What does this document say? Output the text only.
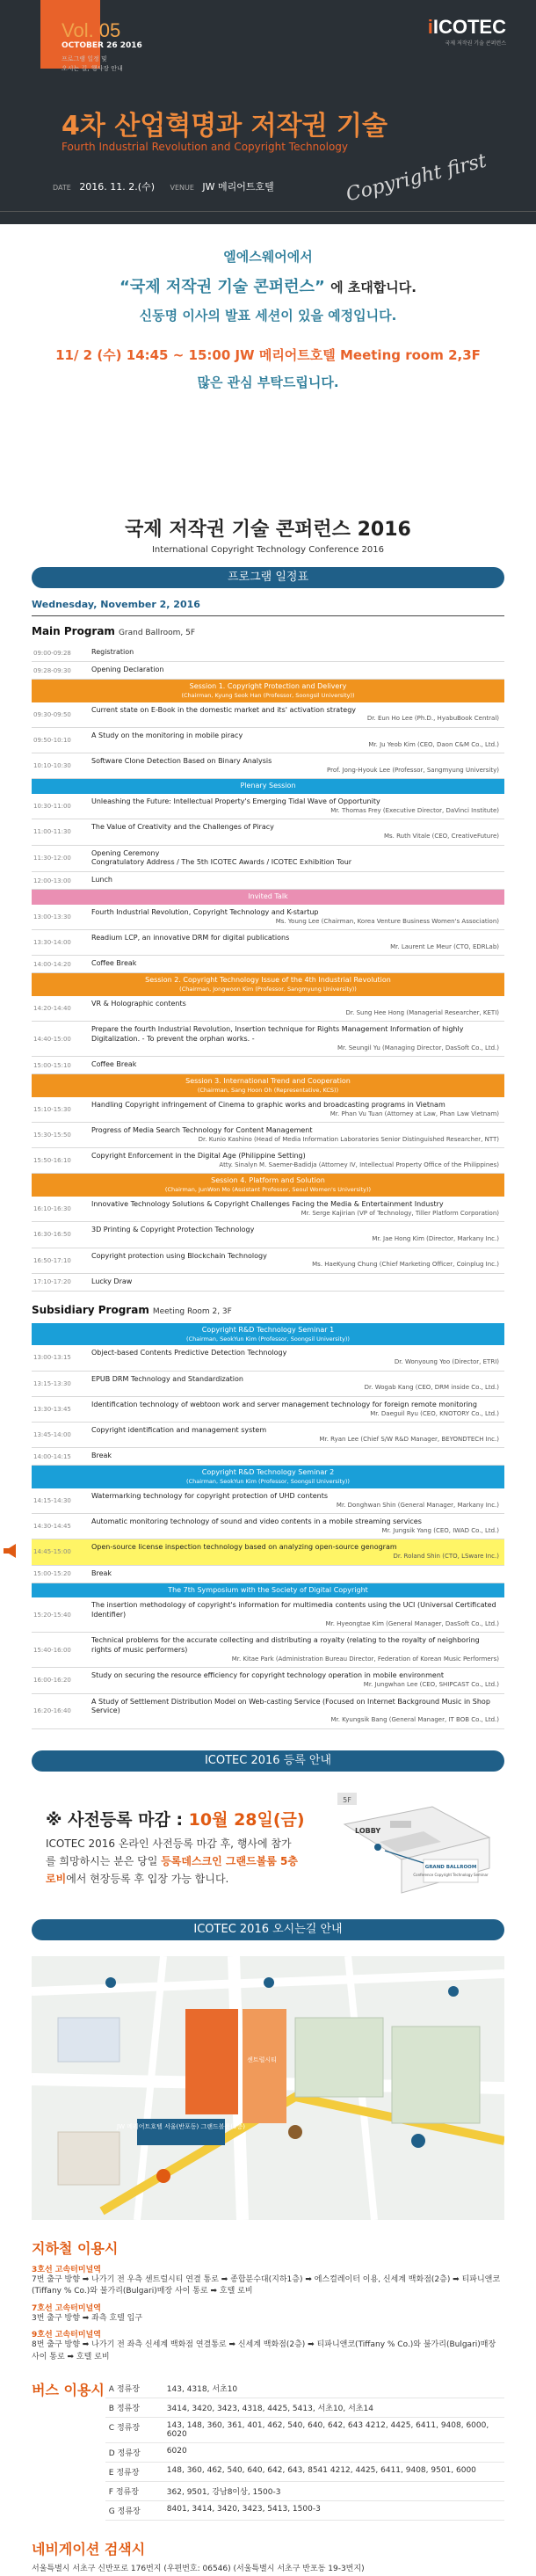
Vol. 05
OCTOBER 26 2016
프로그램 일정 및
오시는 길, 행사장 안내
iICOTEC
국제 저작권 기술 콘퍼런스
4차 산업혁명과 저작권 기술
Fourth Industrial Revolution and Copyright Technology
DATE 2016. 11. 2.(수) VENUE JW 메리어트호텔	Copyright first
엘에스웨어에서
“국제 저작권 기술 콘퍼런스” 에 초대합니다.
신동명 이사의 발표 세션이 있을 예정입니다.
11/ 2 (수) 14:45 ~ 15:00 JW 메리어트호텔 Meeting room 2,3F
많은 관심 부탁드립니다.
국제 저작권 기술 콘퍼런스 2016
International Copyright Technology Conference 2016
프로그램 일정표
Wednesday, November 2, 2016
Main Program Grand Ballroom, 5F
09:00-09:28	Registration
09:28-09:30	Opening Declaration
Session 1. Copyright Protection and Delivery
(Chairman, Kyung Seok Han (Professor, Soongsil University))
09:30-09:50
Current state on E-Book in the domestic market and its' activation strategy
Dr. Eun Ho Lee (Ph.D., HyabuBook Central)
09:50-10:10
A Study on the monitoring in mobile piracy
Mr. Ju Yeob Kim (CEO, Daon C&M Co., Ltd.)
10:10-10:30
Software Clone Detection Based on Binary Analysis
Prof. Jong-Hyouk Lee (Professor, Sangmyung University)
Plenary Session
10:30-11:00
Unleashing the Future: Intellectual Property's Emerging Tidal Wave of Opportunity
Mr. Thomas Frey (Executive Director, DaVinci Institute)
11:00-11:30
The Value of Creativity and the Challenges of Piracy
Ms. Ruth Vitale (CEO, CreativeFuture)
11:30-12:00
Opening Ceremony
Congratulatory Address / The 5th ICOTEC Awards / ICOTEC Exhibition Tour
12:00-13:00	Lunch
Invited Talk
13:00-13:30
Fourth Industrial Revolution, Copyright Technology and K-startup
Ms. Young Lee (Chairman, Korea Venture Business Women's Association)
13:30-14:00
Readium LCP, an innovative DRM for digital publications
Mr. Laurent Le Meur (CTO, EDRLab)
14:00-14:20	Coffee Break
Session 2. Copyright Technology Issue of the 4th Industrial Revolution
(Chairman, Jongwoon Kim (Professor, Sangmyung University))
14:20-14:40
VR & Holographic contents
Dr. Sung Hee Hong (Managerial Researcher, KETI)
14:40-15:00
Prepare the fourth Industrial Revolution, Insertion technique for Rights Management Information of highly Digitalization. - To prevent the orphan works. -
Mr. Seungil Yu (Managing Director, DasSoft Co., Ltd.)
15:00-15:10	Coffee Break
Session 3. International Trend and Cooperation
(Chairman, Sang Hoon Oh (Representative, KCS))
15:10-15:30
Handling Copyright infringement of Cinema to graphic works and broadcasting programs in Vietnam
Mr. Phan Vu Tuan (Attorney at Law, Phan Law Vietnam)
15:30-15:50
Progress of Media Search Technology for Content Management
Dr. Kunio Kashino (Head of Media Information Laboratories Senior Distinguished Researcher, NTT)
15:50-16:10
Copyright Enforcement in the Digital Age (Philippine Setting)
Atty. Sinalyn M. Saemer-Badidja (Attorney IV, Intellectual Property Office of the Philippines)
Session 4. Platform and Solution
(Chairman, JunWon Mo (Assistant Professor, Seoul Women's University))
16:10-16:30
Innovative Technology Solutions & Copyright Challenges Facing the Media & Entertainment Industry
Mr. Serge Kajirian (VP of Technology, Tiller Platform Corporation)
16:30-16:50
3D Printing & Copyright Protection Technology
Mr. Jae Hong Kim (Director, Markany Inc.)
16:50-17:10
Copyright protection using Blockchain Technology
Ms. HaeKyung Chung (Chief Marketing Officer, Coinplug Inc.)
17:10-17:20	Lucky Draw
Subsidiary Program Meeting Room 2, 3F
Copyright R&D Technology Seminar 1
(Chairman, SeokYun Kim (Professor, Soongsil University))
13:00-13:15
Object-based Contents Predictive Detection Technology
Dr. Wonyoung Yoo (Director, ETRI)
13:15-13:30
EPUB DRM Technology and Standardization
Dr. Wogab Kang (CEO, DRM inside Co., Ltd.)
13:30-13:45
Identification technology of webtoon work and server management technology for foreign remote monitoring
Mr. Daeguil Ryu (CEO, KNOTORY Co., Ltd.)
13:45-14:00
Copyright identification and management system
Mr. Ryan Lee (Chief S/W R&D Manager, BEYONDTECH Inc.)
14:00-14:15	Break
Copyright R&D Technology Seminar 2
(Chairman, SeokYun Kim (Professor, Soongsil University))
14:15-14:30
Watermarking technology for copyright protection of UHD contents
Mr. Donghwan Shin (General Manager, Markany Inc.)
14:30-14:45
Automatic monitoring technology of sound and video contents in a mobile streaming services
Mr. Jungsik Yang (CEO, IWAD Co., Ltd.)
14:45-15:00
Open-source license inspection technology based on analyzing open-source genogram
Dr. Roland Shin (CTO, LSware Inc.)
15:00-15:20	Break
The 7th Symposium with the Society of Digital Copyright
15:20-15:40
The insertion methodology of copyright's information for multimedia contents using the UCI (Universal Certificated Identifier)
Mr. Hyeongtae Kim (General Manager, DasSoft Co., Ltd.)
15:40-16:00
Technical problems for the accurate collecting and distributing a royalty (relating to the royalty of neighboring rights of music performers)
Mr. Kitae Park (Administration Bureau Director, Federation of Korean Music Performers)
16:00-16:20
Study on securing the resource efficiency for copyright technology operation in mobile environment
Mr. Jungwhan Lee (CEO, SHIPCAST Co., Ltd.)
16:20-16:40
A Study of Settlement Distribution Model on Web-casting Service (Focused on Internet Background Music in Shop Service)
Mr. Kyungsik Bang (General Manager, IT BOB Co., Ltd.)
ICOTEC 2016 등록 안내
※ 사전등록 마감 : 10월 28일(금)
ICOTEC 2016 온라인 사전등록 마감 후, 행사에 참가를 희망하시는 분은 당일 등록데스크인 그랜드볼룸 5층 로비에서 현장등록 후 입장 가능 합니다.
5F
LOBBY
GRAND BALLROOM
Conference Copyright Technology Seminar
ICOTEC 2016 오시는길 안내
JW 메리어트호텔 서울(반포동) 그랜드볼룸(5층)
센트럴시티
지하철 이용시
3호선 고속터미널역
7번 출구 방향 ➡ 나가기 전 우측 센트럴시티 연결 통로 ➡ 종합분수대(지하1층) ➡ 에스컬레이터 이용, 신세계 백화점(2층) ➡ 티파니앤코(Tiffany % Co.)와 불가리(Bulgari)매장 사이 통로 ➡ 호텔 로비
7호선 고속터미널역
3번 출구 방향 ➡ 좌측 호텔 입구
9호선 고속터미널역
8번 출구 방향 ➡ 나가기 전 좌측 신세계 백화점 연결통로 ➡ 신세계 백화점(2층) ➡ 티파니앤코(Tiffany % Co.)와 불가리(Bulgari)매장 사이 통로 ➡ 호텔 로비
버스 이용시 A 정류장	143, 4318, 서초10
B 정류장	3414, 3420, 3423, 4318, 4425, 5413, 서초10, 서초14
C 정류장	143, 148, 360, 361, 401, 462, 540, 640, 642, 643 4212, 4425, 6411, 9408, 6000, 6020
D 정류장	6020
E 정류장	148, 360, 462, 540, 640, 642, 643, 8541 4212, 4425, 6411, 9408, 9501, 6000
F 정류장	362, 9501, 강남8이상, 1500-3
G 정류장	8401, 3414, 3420, 3423, 5413, 1500-3
네비게이션 검색시
서울특별시 서초구 신반포로 176번지 (우편번호: 06546) (서울특별시 서초구 반포동 19-3번지)
